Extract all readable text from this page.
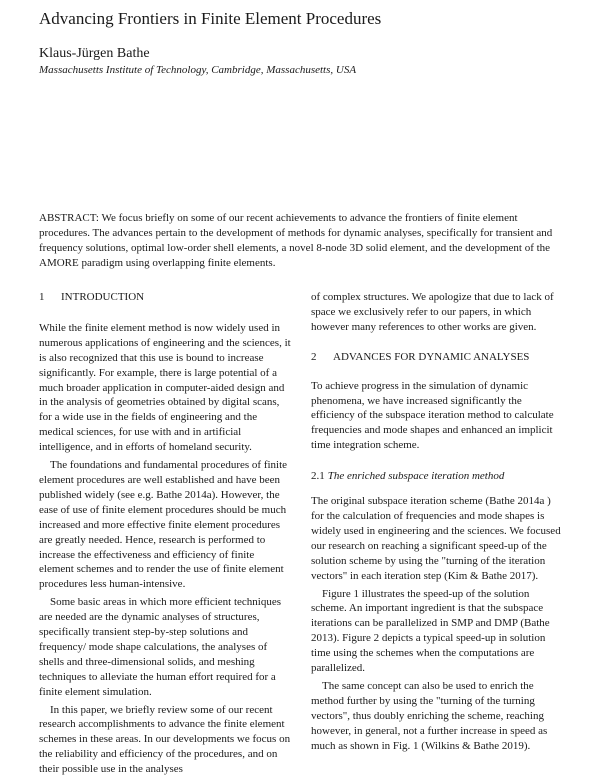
Advancing Frontiers in Finite Element Procedures
Klaus-Jürgen Bathe
Massachusetts Institute of Technology, Cambridge, Massachusetts, USA

ABSTRACT: We focus briefly on some of our recent achievements to advance the frontiers of finite element procedures. The advances pertain to the development of methods for dynamic analyses, specifically for transient and frequency solutions, optimal low-order shell elements, a novel 8-node 3D solid element, and the development of the AMORE paradigm using overlapping finite elements.

1 INTRODUCTION

While the finite element method is now widely used in numerous applications of engineering and the sciences, it is also recognized that this use is bound to increase significantly. For example, there is large potential of a much broader application in computer-aided design and in the analysis of geometries obtained by digital scans, for a wide use in the fields of engineering and the medical sciences, for use with and in artificial intelligence, and in efforts of homeland security.

The foundations and fundamental procedures of finite element procedures are well established and have been published widely (see e.g. Bathe 2014a). However, the ease of use of finite element procedures should be much increased and more effective finite element procedures are greatly needed. Hence, research is performed to increase the effectiveness and efficiency of finite element schemes and to render the use of finite element procedures less human-intensive.

Some basic areas in which more efficient techniques are needed are the dynamic analyses of structures, specifically transient step-by-step solutions and frequency/ mode shape calculations, the analyses of shells and three-dimensional solids, and meshing techniques to alleviate the human effort required for a finite element simulation.

In this paper, we briefly review some of our recent research accomplishments to advance the finite element schemes in these areas. In our developments we focus on the reliability and efficiency of the procedures, and on their possible use in the analyses

of complex structures. We apologize that due to lack of space we exclusively refer to our papers, in which however many references to other works are given.

2 ADVANCES FOR DYNAMIC ANALYSES

To achieve progress in the simulation of dynamic phenomena, we have increased significantly the efficiency of the subspace iteration method to calculate frequencies and mode shapes and enhanced an implicit time integration scheme.

2.1 The enriched subspace iteration method

The original subspace iteration scheme (Bathe 2014a ) for the calculation of frequencies and mode shapes is widely used in engineering and the sciences. We focused our research on reaching a significant speed-up of the solution scheme by using the "turning of the iteration vectors" in each iteration step (Kim & Bathe 2017).

Figure 1 illustrates the speed-up of the solution scheme. An important ingredient is that the subspace iterations can be parallelized in SMP and DMP (Bathe 2013). Figure 2 depicts a typical speed-up in solution time using the schemes when the computations are parallelized.

The same concept can also be used to enrich the method further by using the "turning of the turning vectors", thus doubly enriching the scheme, reaching however, in general, not a further increase in speed as much as shown in Fig. 1 (Wilkins & Bathe 2019).
